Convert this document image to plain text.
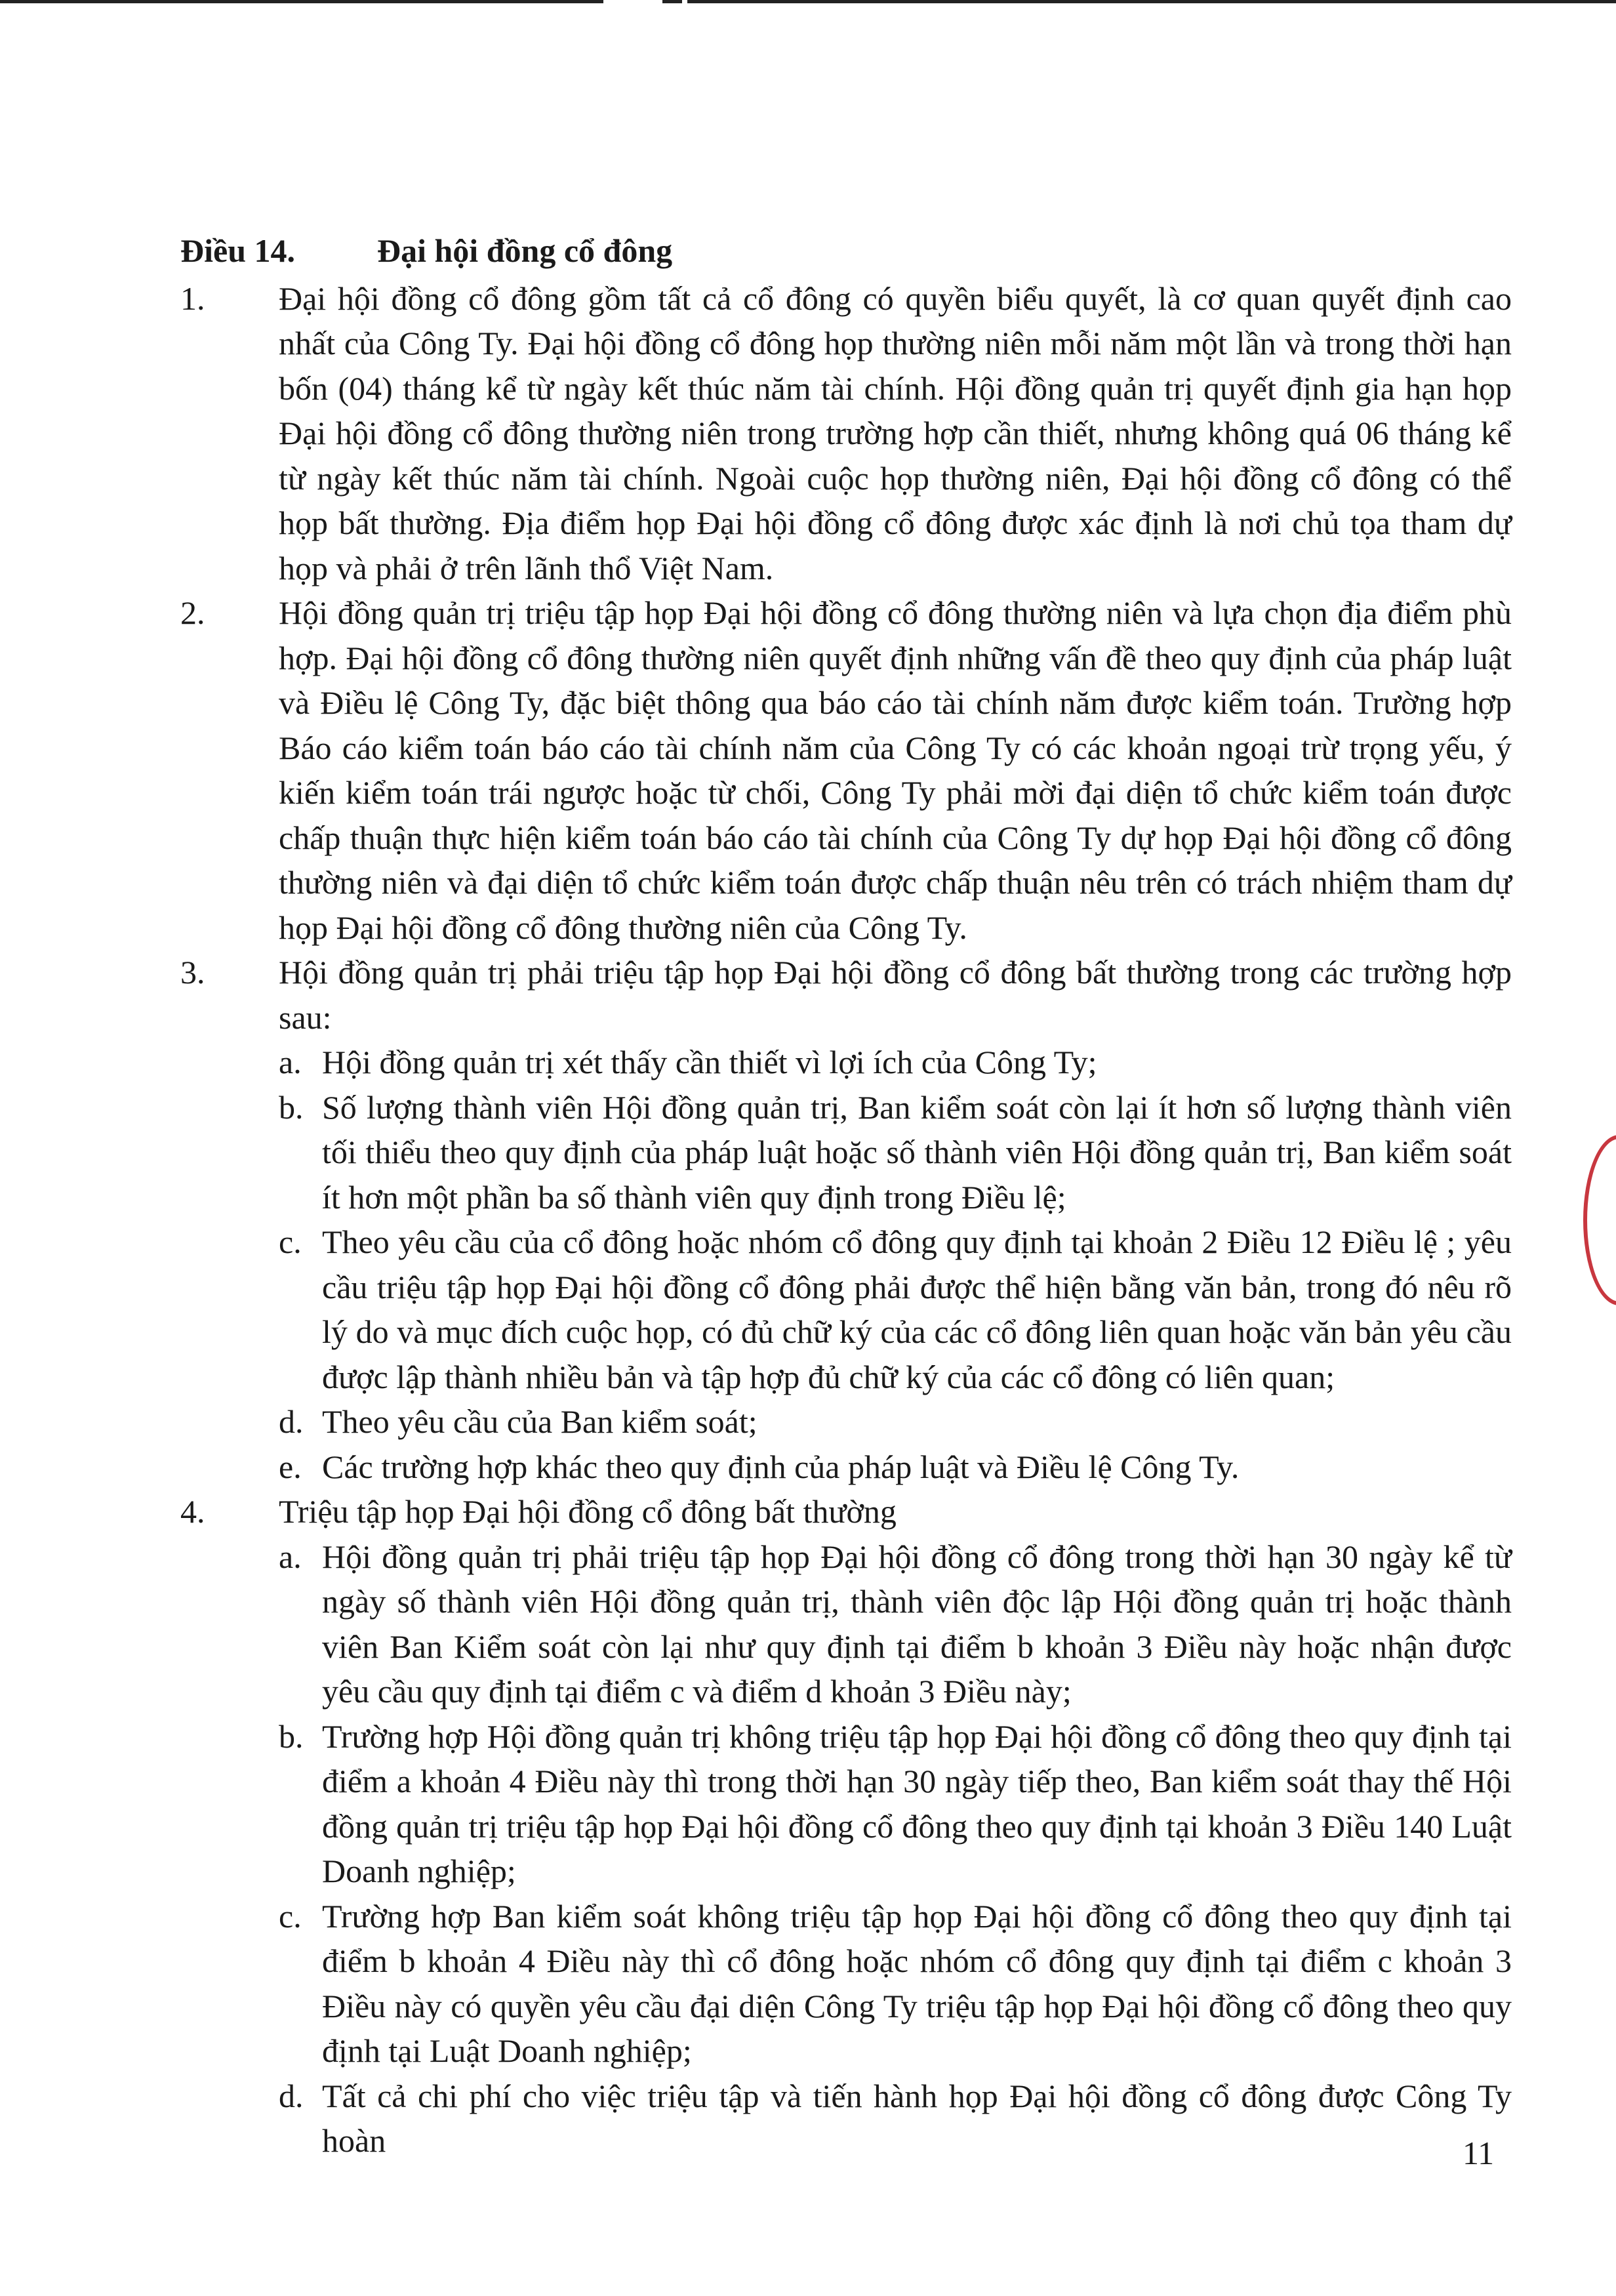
Điều 14.	Đại hội đồng cổ đông
1. Đại hội đồng cổ đông gồm tất cả cổ đông có quyền biểu quyết, là cơ quan quyết định cao nhất của Công Ty. Đại hội đồng cổ đông họp thường niên mỗi năm một lần và trong thời hạn bốn (04) tháng kể từ ngày kết thúc năm tài chính. Hội đồng quản trị quyết định gia hạn họp Đại hội đồng cổ đông thường niên trong trường hợp cần thiết, nhưng không quá 06 tháng kể từ ngày kết thúc năm tài chính. Ngoài cuộc họp thường niên, Đại hội đồng cổ đông có thể họp bất thường. Địa điểm họp Đại hội đồng cổ đông được xác định là nơi chủ tọa tham dự họp và phải ở trên lãnh thổ Việt Nam.
2. Hội đồng quản trị triệu tập họp Đại hội đồng cổ đông thường niên và lựa chọn địa điểm phù hợp. Đại hội đồng cổ đông thường niên quyết định những vấn đề theo quy định của pháp luật và Điều lệ Công Ty, đặc biệt thông qua báo cáo tài chính năm được kiểm toán. Trường hợp Báo cáo kiểm toán báo cáo tài chính năm của Công Ty có các khoản ngoại trừ trọng yếu, ý kiến kiểm toán trái ngược hoặc từ chối, Công Ty phải mời đại diện tổ chức kiểm toán được chấp thuận thực hiện kiểm toán báo cáo tài chính của Công Ty dự họp Đại hội đồng cổ đông thường niên và đại diện tổ chức kiểm toán được chấp thuận nêu trên có trách nhiệm tham dự họp Đại hội đồng cổ đông thường niên của Công Ty.
3. Hội đồng quản trị phải triệu tập họp Đại hội đồng cổ đông bất thường trong các trường hợp sau:
a. Hội đồng quản trị xét thấy cần thiết vì lợi ích của Công Ty;
b. Số lượng thành viên Hội đồng quản trị, Ban kiểm soát còn lại ít hơn số lượng thành viên tối thiểu theo quy định của pháp luật hoặc số thành viên Hội đồng quản trị, Ban kiểm soát ít hơn một phần ba số thành viên quy định trong Điều lệ;
c. Theo yêu cầu của cổ đông hoặc nhóm cổ đông quy định tại khoản 2 Điều 12 Điều lệ ; yêu cầu triệu tập họp Đại hội đồng cổ đông phải được thể hiện bằng văn bản, trong đó nêu rõ lý do và mục đích cuộc họp, có đủ chữ ký của các cổ đông liên quan hoặc văn bản yêu cầu được lập thành nhiều bản và tập hợp đủ chữ ký của các cổ đông có liên quan;
d. Theo yêu cầu của Ban kiểm soát;
e. Các trường hợp khác theo quy định của pháp luật và Điều lệ Công Ty.
4. Triệu tập họp Đại hội đồng cổ đông bất thường
a. Hội đồng quản trị phải triệu tập họp Đại hội đồng cổ đông trong thời hạn 30 ngày kể từ ngày số thành viên Hội đồng quản trị, thành viên độc lập Hội đồng quản trị hoặc thành viên Ban Kiểm soát còn lại như quy định tại điểm b khoản 3 Điều này hoặc nhận được yêu cầu quy định tại điểm c và điểm d khoản 3 Điều này;
b. Trường hợp Hội đồng quản trị không triệu tập họp Đại hội đồng cổ đông theo quy định tại điểm a khoản 4 Điều này thì trong thời hạn 30 ngày tiếp theo, Ban kiểm soát thay thế Hội đồng quản trị triệu tập họp Đại hội đồng cổ đông theo quy định tại khoản 3 Điều 140 Luật Doanh nghiệp;
c. Trường hợp Ban kiểm soát không triệu tập họp Đại hội đồng cổ đông theo quy định tại điểm b khoản 4 Điều này thì cổ đông hoặc nhóm cổ đông quy định tại điểm c khoản 3 Điều này có quyền yêu cầu đại diện Công Ty triệu tập họp Đại hội đồng cổ đông theo quy định tại Luật Doanh nghiệp;
d. Tất cả chi phí cho việc triệu tập và tiến hành họp Đại hội đồng cổ đông được Công Ty hoàn	11
